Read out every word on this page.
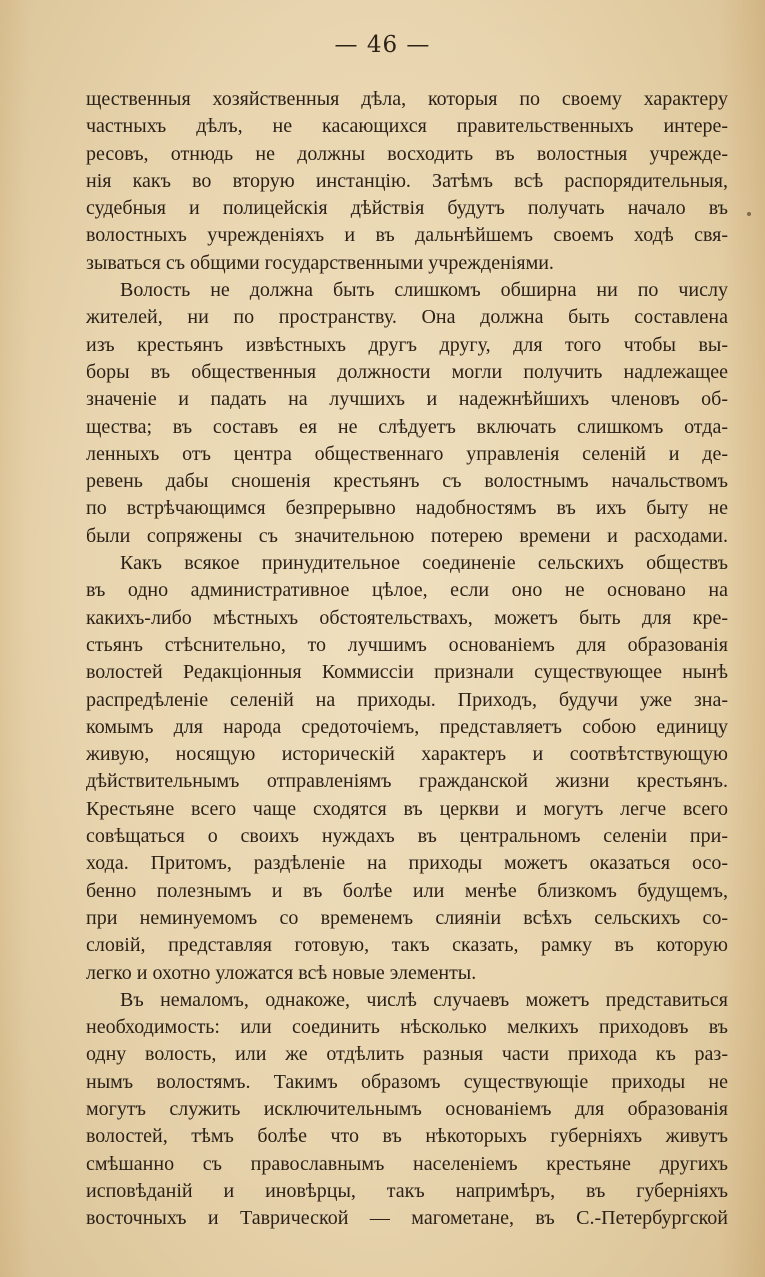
— 46 —
щественныя хозяйственныя дѣла, которыя по своему характеру
частныхъ дѣлъ, не касающихся правительственныхъ интере-
ресовъ, отнюдь не должны восходить въ волостныя учрежде-
нія какъ во вторую инстанцію. Затѣмъ всѣ распорядительныя,
судебныя и полицейскія дѣйствія будутъ получать начало въ
волостныхъ учрежденіяхъ и въ дальнѣйшемъ своемъ ходѣ свя-
зываться съ общими государственными учрежденіями.
Волость не должна быть слишкомъ обширна ни по числу
жителей, ни по пространству. Она должна быть составлена
изъ крестьянъ извѣстныхъ другъ другу, для того чтобы вы-
боры въ общественныя должности могли получить надлежащее
значеніе и падать на лучшихъ и надежнѣйшихъ членовъ об-
щества; въ составъ ея не слѣдуетъ включать слишкомъ отда-
ленныхъ отъ центра общественнаго управленія селеній и де-
ревень дабы сношенія крестьянъ съ волостнымъ начальствомъ
по встрѣчающимся безпрерывно надобностямъ въ ихъ быту не
были сопряжены съ значительною потерею времени и расходами.
Какъ всякое принудительное соединеніе сельскихъ обществъ
въ одно административное цѣлое, если оно не основано на
какихъ-либо мѣстныхъ обстоятельствахъ, можетъ быть для кре-
стьянъ стѣснительно, то лучшимъ основаніемъ для образованія
волостей Редакціонныя Коммиссіи признали существующее нынѣ
распредѣленіе селеній на приходы. Приходъ, будучи уже зна-
комымъ для народа средоточіемъ, представляетъ собою единицу
живую, носящую историческій характеръ и соотвѣтствующую
дѣйствительнымъ отправленіямъ гражданской жизни крестьянъ.
Крестьяне всего чаще сходятся въ церкви и могутъ легче всего
совѣщаться о своихъ нуждахъ въ центральномъ селеніи при-
хода. Притомъ, раздѣленіе на приходы можетъ оказаться осо-
бенно полезнымъ и въ болѣе или менѣе близкомъ будущемъ,
при неминуемомъ со временемъ слияніи всѣхъ сельскихъ со-
словій, представляя готовую, такъ сказать, рамку въ которую
легко и охотно уложатся всѣ новые элементы.
Въ немаломъ, однакоже, числѣ случаевъ можетъ представиться
необходимость: или соединить нѣсколько мелкихъ приходовъ въ
одну волость, или же отдѣлить разныя части прихода къ раз-
нымъ волостямъ. Такимъ образомъ существующіе приходы не
могутъ служить исключительнымъ основаніемъ для образованія
волостей, тѣмъ болѣе что въ нѣкоторыхъ губерніяхъ живутъ
смѣшанно съ православнымъ населеніемъ крестьяне другихъ
исповѣданій и иновѣрцы, такъ напримѣръ, въ губерніяхъ
восточныхъ и Таврической — магометане, въ С.-Петербургской
